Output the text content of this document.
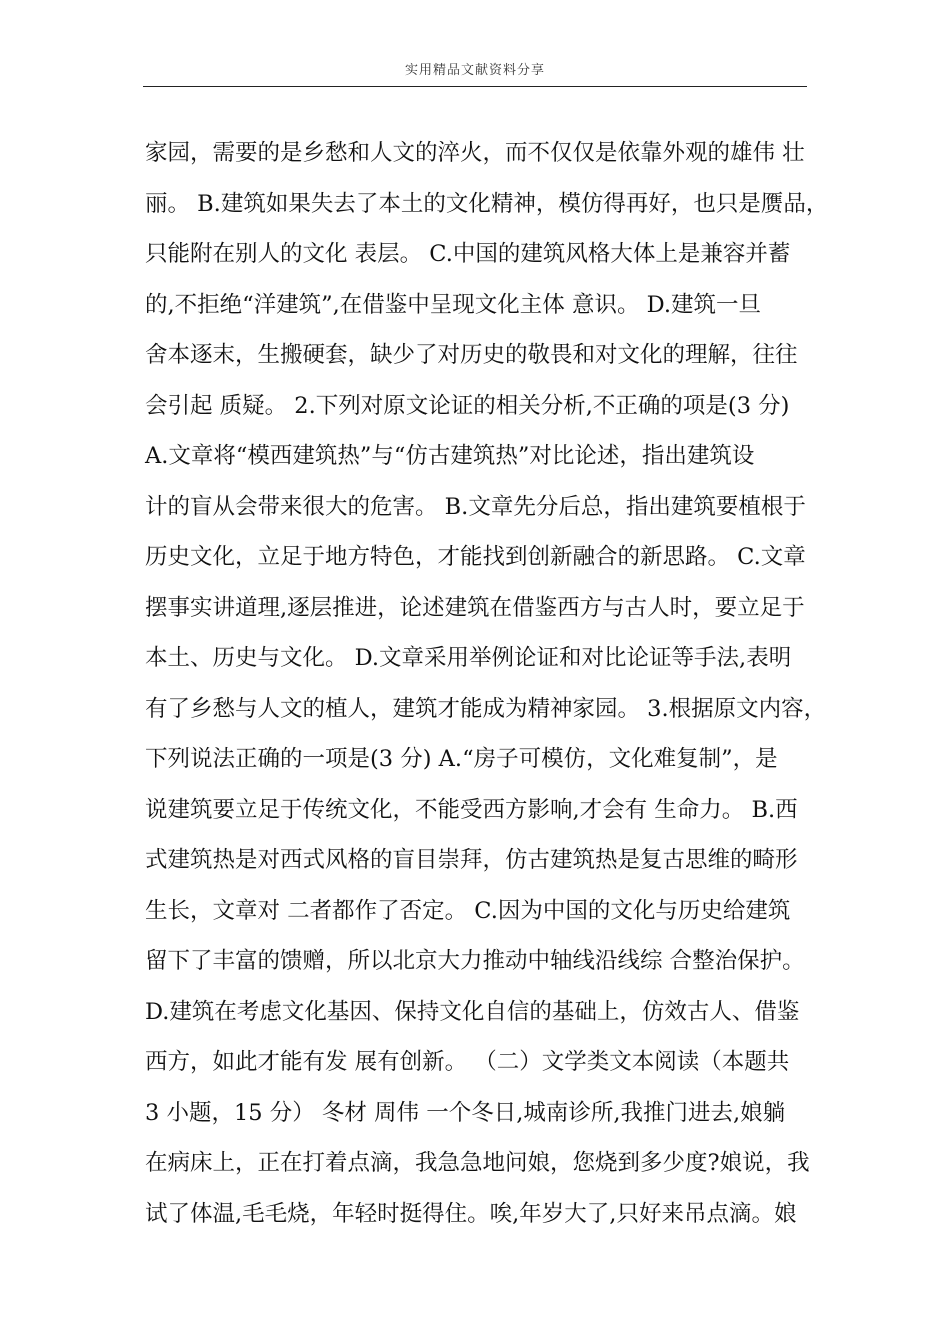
实用精品文献资料分享
家园，需要的是乡愁和人文的淬火，而不仅仅是依靠外观的雄伟 壮
丽。 B.建筑如果失去了本土的文化精神，模仿得再好，也只是赝品，
只能附在别人的文化 表层。 C.中国的建筑风格大体上是兼容并蓄
的,不拒绝“洋建筑”,在借鉴中呈现文化主体 意识。 D.建筑一旦
舍本逐末，生搬硬套，缺少了对历史的敬畏和对文化的理解，往往
会引起 质疑。 2.下列对原文论证的相关分析,不正确的项是(3 分)
A.文章将“模西建筑热”与“仿古建筑热”对比论述，指出建筑设
计的盲从会带来很大的危害。 B.文章先分后总，指出建筑要植根于
历史文化，立足于地方特色，才能找到创新融合的新思路。 C.文章
摆事实讲道理,逐层推进，论述建筑在借鉴西方与古人时，要立足于
本土、历史与文化。 D.文章采用举例论证和对比论证等手法,表明
有了乡愁与人文的植人，建筑才能成为精神家园。 3.根据原文内容，
下列说法正确的一项是(3 分) A.“房子可模仿，文化难复制”，是
说建筑要立足于传统文化，不能受西方影响,才会有 生命力。 B.西
式建筑热是对西式风格的盲目崇拜，仿古建筑热是复古思维的畸形
生长，文章对 二者都作了否定。 C.因为中国的文化与历史给建筑
留下了丰富的馈赠，所以北京大力推动中轴线沿线综 合整治保护。
D.建筑在考虑文化基因、保持文化自信的基础上，仿效古人、借鉴
西方，如此才能有发 展有创新。 （二）文学类文本阅读（本题共
3 小题，15 分） 冬材 周伟 一个冬日,城南诊所,我推门进去,娘躺
在病床上，正在打着点滴，我急急地问娘，您烧到多少度?娘说，我
试了体温,毛毛烧，年轻时挺得住。唉,年岁大了,只好来吊点滴。娘
